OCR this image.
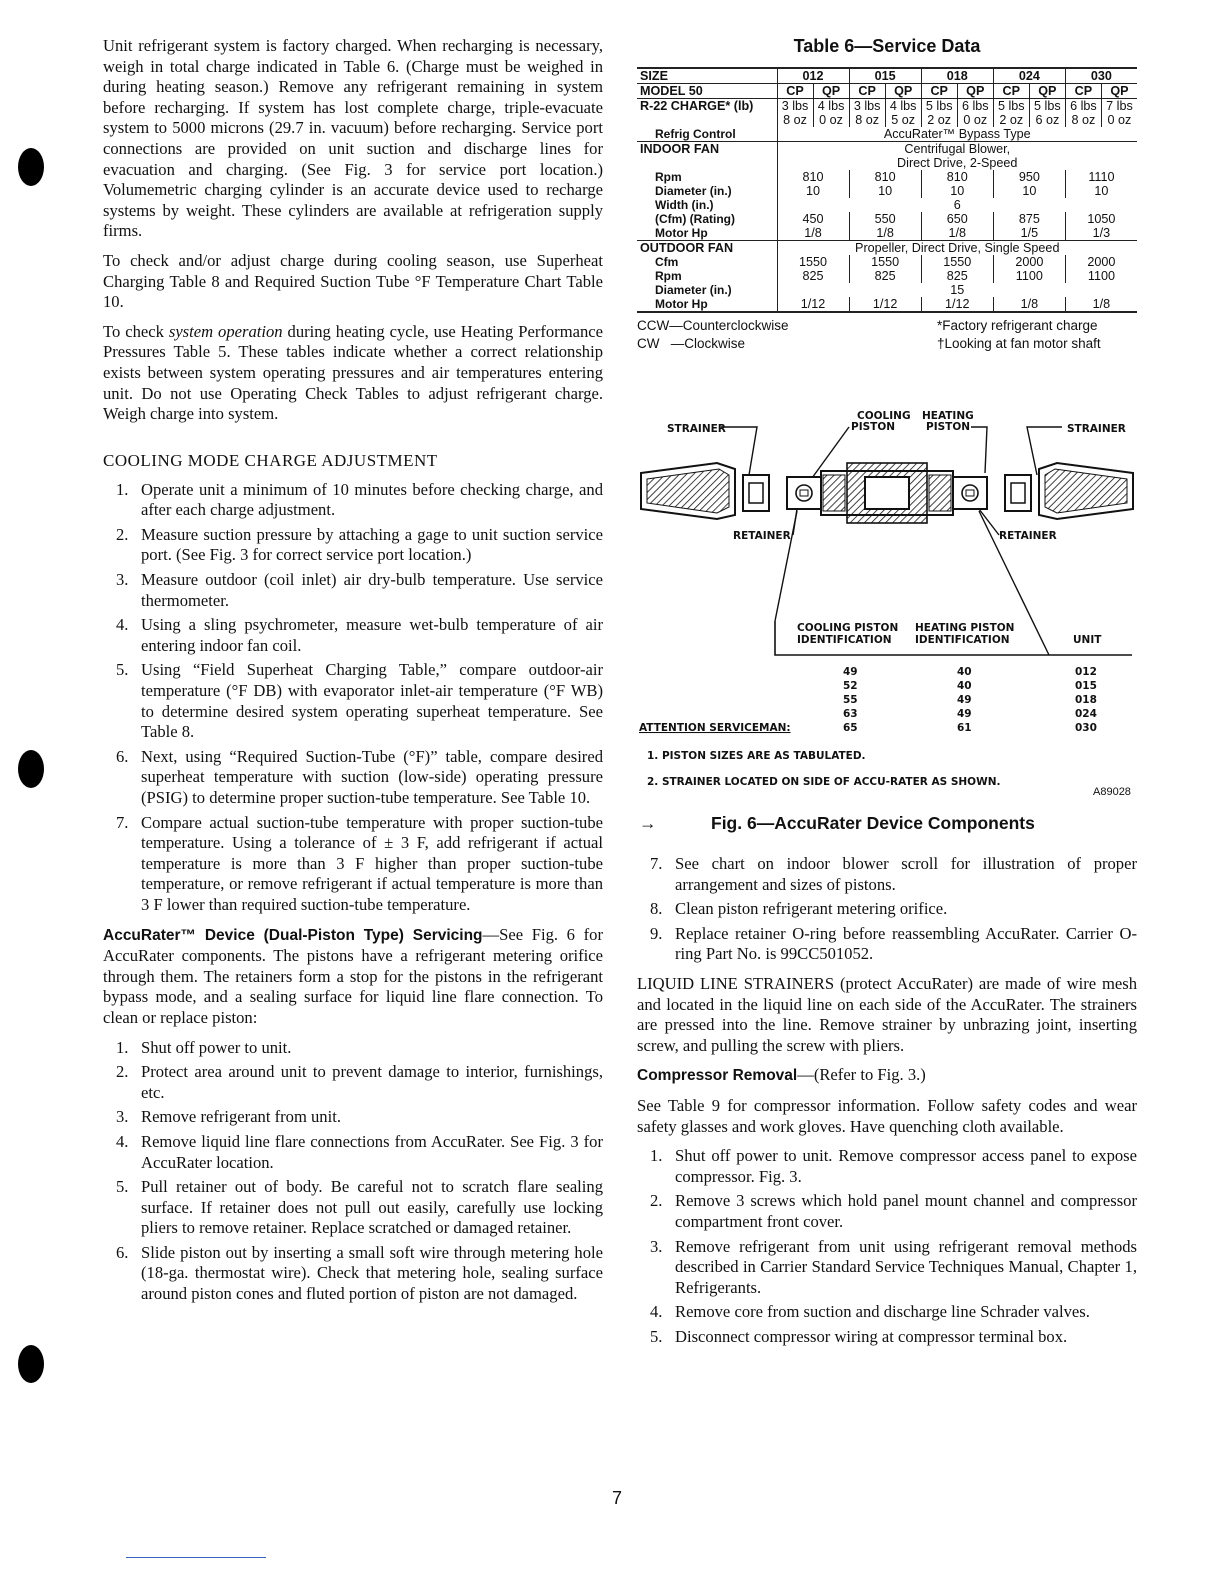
Unit refrigerant system is factory charged. When recharging is necessary, weigh in total charge indicated in Table 6. (Charge must be weighed in during heating season.) Remove any refrigerant remaining in system before recharging. If system has lost complete charge, triple-evacuate system to 5000 microns (29.7 in. vacuum) before recharging. Service port connections are provided on unit suction and discharge lines for evacuation and charging. (See Fig. 3 for service port location.) Volumemetric charging cylinder is an accurate device used to recharge systems by weight. These cylinders are available at refrigeration supply firms.

To check and/or adjust charge during cooling season, use Superheat Charging Table 8 and Required Suction Tube °F Temperature Chart Table 10.

To check system operation during heating cycle, use Heating Performance Pressures Table 5. These tables indicate whether a correct relationship exists between system operating pressures and air temperatures entering unit. Do not use Operating Check Tables to adjust refrigerant charge. Weigh charge into system.

COOLING MODE CHARGE ADJUSTMENT
1. Operate unit a minimum of 10 minutes before checking charge, and after each charge adjustment.
2. Measure suction pressure by attaching a gage to unit suction service port. (See Fig. 3 for correct service port location.)
3. Measure outdoor (coil inlet) air dry-bulb temperature. Use service thermometer.
4. Using a sling psychrometer, measure wet-bulb temperature of air entering indoor fan coil.
5. Using “Field Superheat Charging Table,” compare outdoor-air temperature (°F DB) with evaporator inlet-air temperature (°F WB) to determine desired system operating superheat temperature. See Table 8.
6. Next, using “Required Suction-Tube (°F)” table, compare desired superheat temperature with suction (low-side) operating pressure (PSIG) to determine proper suction-tube temperature. See Table 10.
7. Compare actual suction-tube temperature with proper suction-tube temperature. Using a tolerance of ± 3 F, add refrigerant if actual temperature is more than 3 F higher than proper suction-tube temperature, or remove refrigerant if actual temperature is more than 3 F lower than required suction-tube temperature.

AccuRater™ Device (Dual-Piston Type) Servicing—See Fig. 6 for AccuRater components. The pistons have a refrigerant metering orifice through them. The retainers form a stop for the pistons in the refrigerant bypass mode, and a sealing surface for liquid line flare connection. To clean or replace piston:

1. Shut off power to unit.
2. Protect area around unit to prevent damage to interior, furnishings, etc.
3. Remove refrigerant from unit.
4. Remove liquid line flare connections from AccuRater. See Fig. 3 for AccuRater location.
5. Pull retainer out of body. Be careful not to scratch flare sealing surface. If retainer does not pull out easily, carefully use locking pliers to remove retainer. Replace scratched or damaged retainer.
6. Slide piston out by inserting a small soft wire through metering hole (18-ga. thermostat wire). Check that metering hole, sealing surface around piston cones and fluted portion of piston are not damaged.
Table 6—Service Data
SIZE	012		015		018		024		030	
MODEL 50	CP	QP	CP	QP	CP	QP	CP	QP	CP	QP
R-22 CHARGE* (lb)	3 lbs	4 lbs	3 lbs	4 lbs	5 lbs	6 lbs	5 lbs	5 lbs	6 lbs	7 lbs
	8 oz	0 oz	8 oz	5 oz	2 oz	0 oz	2 oz	6 oz	8 oz	0 oz
Refrig Control	AccuRater™ Bypass Type									
INDOOR FAN	Centrifugal Blower,									
	Direct Drive, 2-Speed									
Rpm	810		810		810		950		1110	
Diameter (in.)	10		10		10		10		10	
Width (in.)	6									
(Cfm) (Rating)	450		550		650		875		1050	
Motor Hp	1/8		1/8		1/8		1/5		1/3	
OUTDOOR FAN	Propeller, Direct Drive, Single Speed									
Cfm	1550		1550		1550		2000		2000	
Rpm	825		825		825		1100		1100	
Diameter (in.)	15									
Motor Hp	1/12		1/12		1/12		1/8		1/8	
CCW—Counterclockwise
CW   —Clockwise
*Factory refrigerant charge
†Looking at fan motor shaft
STRAINER
COOLING
PISTON
HEATING
PISTON	STRAINER
RETAINER	RETAINER
COOLING PISTON
IDENTIFICATION
HEATING PISTON
IDENTIFICATION	UNIT
49	40	012
52	40	015
55	49	018
63	49	024
65	61	030
ATTENTION SERVICEMAN:
1. PISTON SIZES ARE AS TABULATED.
2. STRAINER LOCATED ON SIDE OF ACCU-RATER AS SHOWN.
A89028
→	Fig. 6—AccuRater Device Components
7. See chart on indoor blower scroll for illustration of proper arrangement and sizes of pistons.
8. Clean piston refrigerant metering orifice.
9. Replace retainer O-ring before reassembling AccuRater. Carrier O-ring Part No. is 99CC501052.

LIQUID LINE STRAINERS (protect AccuRater) are made of wire mesh and located in the liquid line on each side of the AccuRater. The strainers are pressed into the line. Remove strainer by unbrazing joint, inserting screw, and pulling the screw with pliers.

Compressor Removal—(Refer to Fig. 3.)

See Table 9 for compressor information. Follow safety codes and wear safety glasses and work gloves. Have quenching cloth available.

1. Shut off power to unit. Remove compressor access panel to expose compressor. Fig. 3.
2. Remove 3 screws which hold panel mount channel and compressor compartment front cover.
3. Remove refrigerant from unit using refrigerant removal methods described in Carrier Standard Service Techniques Manual, Chapter 1, Refrigerants.
4. Remove core from suction and discharge line Schrader valves.
5. Disconnect compressor wiring at compressor terminal box.
7
